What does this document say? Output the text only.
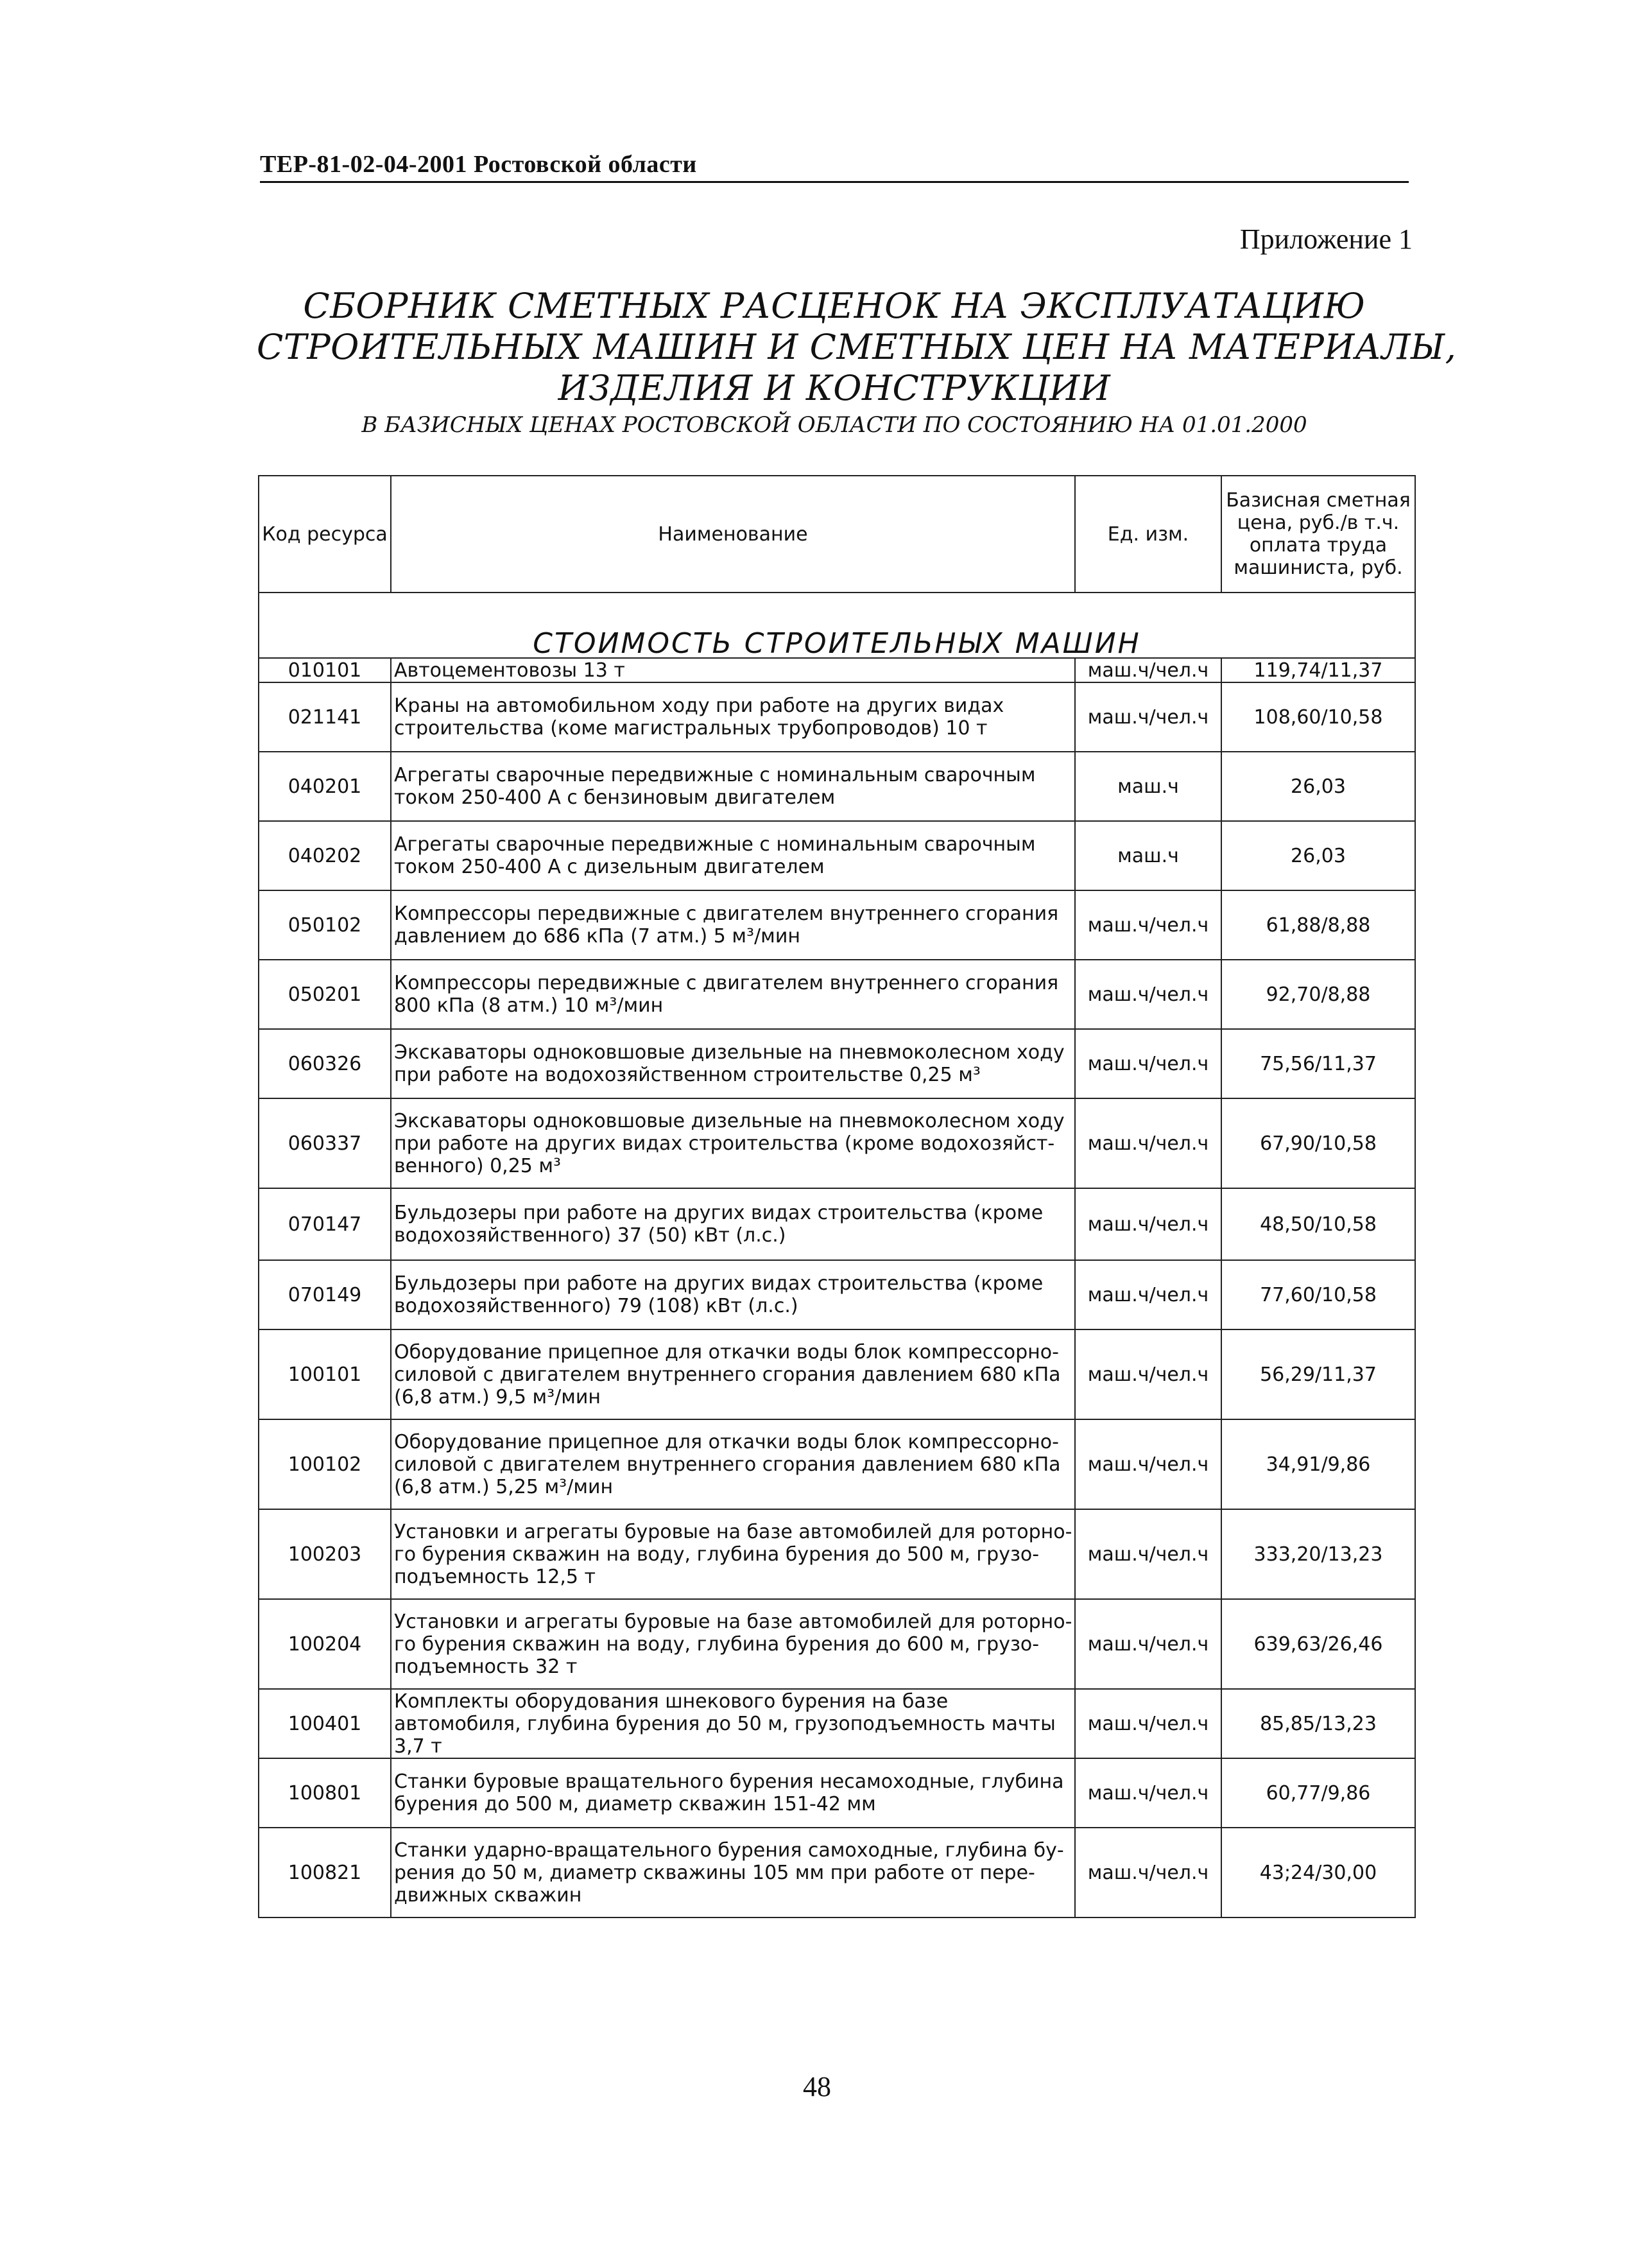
ТЕР-81-02-04-2001 Ростовской области
Приложение 1
СБОРНИК СМЕТНЫХ РАСЦЕНОК НА ЭКСПЛУАТАЦИЮ
СТРОИТЕЛЬНЫХ МАШИН И СМЕТНЫХ ЦЕН НА МАТЕРИАЛЫ,
ИЗДЕЛИЯ И КОНСТРУКЦИИ
В БАЗИСНЫХ ЦЕНАХ РОСТОВСКОЙ ОБЛАСТИ ПО СОСТОЯНИЮ НА 01.01.2000
Код ресурса	Наименование	Ед. изм.	Базисная сметная цена, руб./в т.ч. оплата труда машиниста, руб.
СТОИМОСТЬ СТРОИТЕЛЬНЫХ МАШИН			
010101	Автоцементовозы 13 т	маш.ч/чел.ч	119,74/11,37
021141	Краны на автомобильном ходу при работе на других видах строительства (коме магистральных трубопроводов) 10 т	маш.ч/чел.ч	108,60/10,58
040201	Агрегаты сварочные передвижные с номинальным сварочным током 250-400 А с бензиновым двигателем	маш.ч	26,03
040202	Агрегаты сварочные передвижные с номинальным сварочным током 250-400 А с дизельным двигателем	маш.ч	26,03
050102	Компрессоры передвижные с двигателем внутреннего сгорания давлением до 686 кПа (7 атм.) 5 м³/мин	маш.ч/чел.ч	61,88/8,88
050201	Компрессоры передвижные с двигателем внутреннего сгорания 800 кПа (8 атм.) 10 м³/мин	маш.ч/чел.ч	92,70/8,88
060326	Экскаваторы одноковшовые дизельные на пневмоколесном ходу при работе на водохозяйственном строительстве 0,25 м³	маш.ч/чел.ч	75,56/11,37
060337	Экскаваторы одноковшовые дизельные на пневмоколесном ходу при работе на других видах строительства (кроме водохозяйст-венного) 0,25 м³	маш.ч/чел.ч	67,90/10,58
070147	Бульдозеры при работе на других видах строительства (кроме водохозяйственного) 37 (50) кВт (л.с.)	маш.ч/чел.ч	48,50/10,58
070149	Бульдозеры при работе на других видах строительства (кроме водохозяйственного) 79 (108) кВт (л.с.)	маш.ч/чел.ч	77,60/10,58
100101	Оборудование прицепное для откачки воды блок компрессорно-силовой с двигателем внутреннего сгорания давлением 680 кПа (6,8 атм.) 9,5 м³/мин	маш.ч/чел.ч	56,29/11,37
100102	Оборудование прицепное для откачки воды блок компрессорно-силовой с двигателем внутреннего сгорания давлением 680 кПа (6,8 атм.) 5,25 м³/мин	маш.ч/чел.ч	34,91/9,86
100203	Установки и агрегаты буровые на базе автомобилей для роторно-го бурения скважин на воду, глубина бурения до 500 м, грузо-подъемность 12,5 т	маш.ч/чел.ч	333,20/13,23
100204	Установки и агрегаты буровые на базе автомобилей для роторно-го бурения скважин на воду, глубина бурения до 600 м, грузо-подъемность 32 т	маш.ч/чел.ч	639,63/26,46
100401	Комплекты оборудования шнекового бурения на базе автомобиля, глубина бурения до 50 м, грузоподъемность мачты 3,7 т	маш.ч/чел.ч	85,85/13,23
100801	Станки буровые вращательного бурения несамоходные, глубина бурения до 500 м, диаметр скважин 151-42 мм	маш.ч/чел.ч	60,77/9,86
100821	Станки ударно-вращательного бурения самоходные, глубина бу-рения до 50 м, диаметр скважины 105 мм при работе от пере-движных скважин	маш.ч/чел.ч	43;24/30,00
48
